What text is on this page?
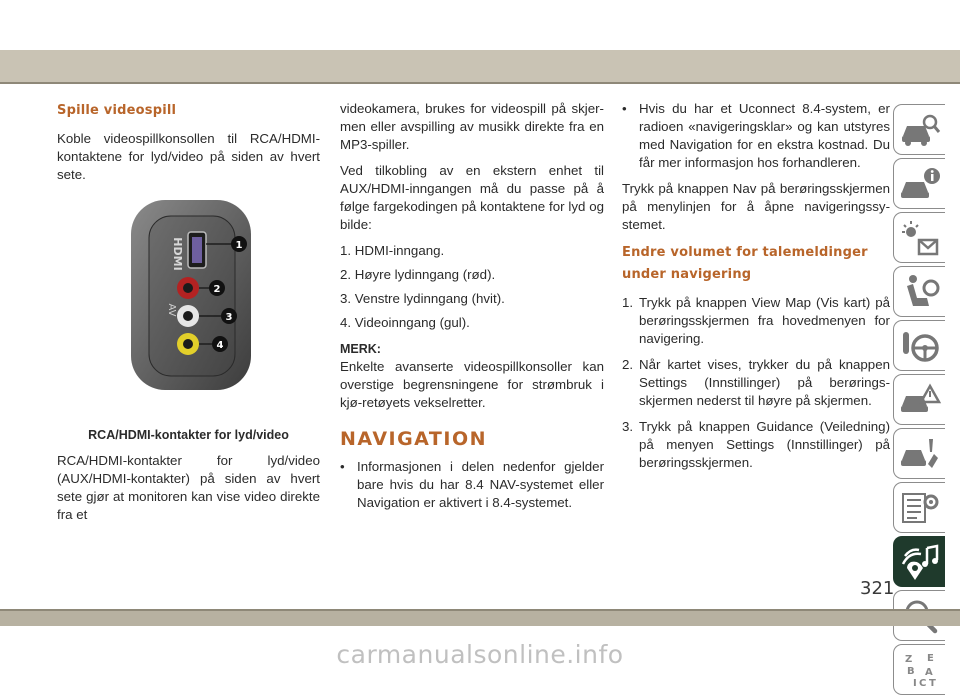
Spille videospill

Koble videospillkonsollen til RCA/HDMI-kontaktene for lyd/video på siden av hvert sete.

HDMI
AV
1
2
3
4

RCA/HDMI-kontakter for lyd/video

RCA/HDMI-kontakter for lyd/video (AUX/HDMI-kontakter) på siden av hvert sete gjør at monitoren kan vise video direkte fra et

videokamera, brukes for videospill på skjer-men eller avspilling av musikk direkte fra en MP3-spiller.

Ved tilkobling av en ekstern enhet til AUX/HDMI-inngangen må du passe på å følge fargekodingen på kontaktene for lyd og bilde:

1. HDMI-inngang.
2. Høyre lydinngang (rød).
3. Venstre lydinngang (hvit).
4. Videoinngang (gul).
MERK:

Enkelte avanserte videospillkonsoller kan overstige begrensningene for strømbruk i kjø-retøyets vekselretter.

NAVIGATION
• Informasjonen i delen nedenfor gjelder bare hvis du har 8.4 NAV-systemet eller Navigation er aktivert i 8.4-systemet.
• Hvis du har et Uconnect 8.4-system, er radioen «navigeringsklar» og kan utstyres med Navigation for en ekstra kostnad. Du får mer informasjon hos forhandleren.

Trykk på knappen Nav på berøringsskjermen på menylinjen for å åpne navigeringssy-stemet.

Endre volumet for talemeldinger under navigering

1. Trykk på knappen View Map (Vis kart) på berøringsskjermen fra hovedmenyen for navigering.
2. Når kartet vises, trykker du på knappen Settings (Innstillinger) på berørings-skjermen nederst til høyre på skjermen.
3. Trykk på knappen Guidance (Veiledning) på menyen Settings (Innstillinger) på berøringsskjermen.
Z E
B A
I C T
321
carmanualsonline.info
